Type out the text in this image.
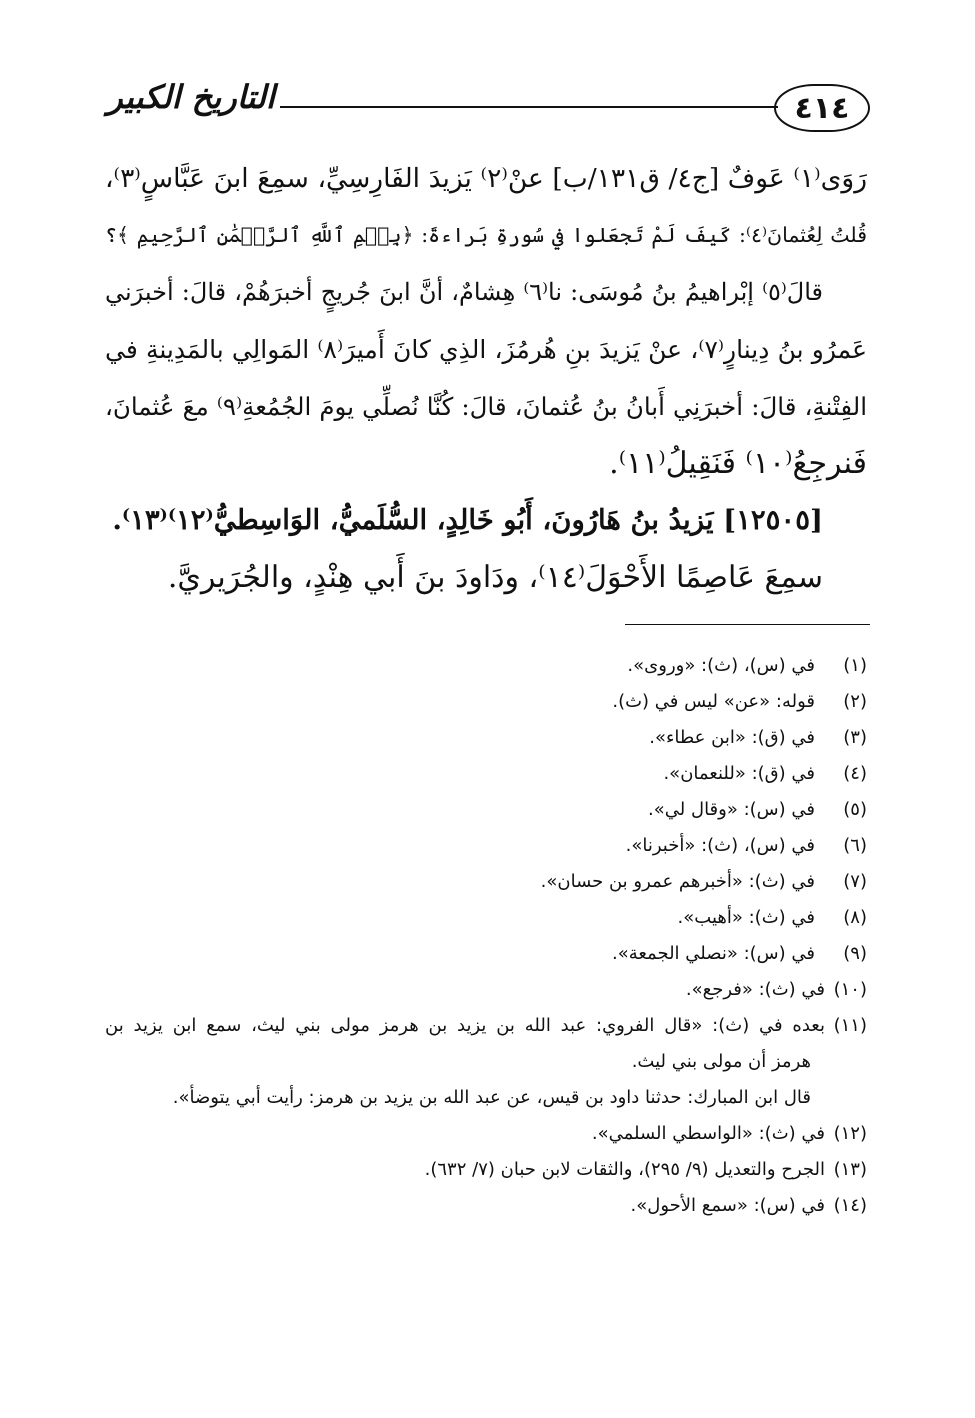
٤١٤
التاريخ الكبير
رَوَى⁽١⁾ عَوفٌ [ج٤/ ق١٣١/ب] عنْ⁽٢⁾ يَزيدَ الفَارِسِيِّ، سمِعَ ابنَ عَبَّاسٍ⁽٣⁾،
قُلتُ لِعُثمانَ⁽٤⁾: كَيفَ لَمْ تَجعَلوا في سُورةِ بَراءةَ: ﴿بِسۡمِ ٱللَّهِ ٱلرَّحۡمَٰنِ ٱلرَّحِيمِ ﴾؟
قالَ⁽٥⁾ إبْراهيمُ بنُ مُوسَى: نا⁽٦⁾ هِشامٌ، أنَّ ابنَ جُريجٍ أخبرَهُمْ، قالَ: أخبرَني
عَمرُو بنُ دِينارٍ⁽٧⁾، عنْ يَزيدَ بنِ هُرمُزَ، الذِي كانَ أَميرَ⁽٨⁾ المَوالِي بالمَدِينةِ في
الفِتْنةِ، قالَ: أخبرَنِي أَبانُ بنُ عُثمانَ، قالَ: كُنَّا نُصلِّي يومَ الجُمُعةِ⁽٩⁾ معَ عُثمانَ،
فَنرجِعُ⁽١٠⁾ فَنَقِيلُ⁽١١⁾.
[١٢٥٠٥] يَزيدُ بنُ هَارُونَ، أَبُو خَالِدٍ، السُّلَميُّ، الوَاسِطيُّ⁽١٢⁾⁽١٣⁾.
سمِعَ عَاصِمًا الأَحْوَلَ⁽١٤⁾، ودَاودَ بنَ أَبي هِنْدٍ، والجُرَيريَّ.
(١)في (س)، (ث): «وروى».
(٢)قوله: «عن» ليس في (ث).
(٣)في (ق): «ابن عطاء».
(٤)في (ق): «للنعمان».
(٥)في (س): «وقال لي».
(٦)في (س)، (ث): «أخبرنا».
(٧)في (ث): «أخبرهم عمرو بن حسان».
(٨)في (ث): «أهيب».
(٩)في (س): «نصلي الجمعة».
(١٠)في (ث): «فرجع».
(١١)بعده في (ث): «قال الفروي: عبد الله بن يزيد بن هرمز مولى بني ليث، سمع ابن يزيد بن
هرمز أن مولى بني ليث.
قال ابن المبارك: حدثنا داود بن قيس، عن عبد الله بن يزيد بن هرمز: رأيت أبي يتوضأ».
(١٢)في (ث): «الواسطي السلمي».
(١٣)الجرح والتعديل (٩/ ٢٩٥)، والثقات لابن حبان (٧/ ٦٣٢).
(١٤)في (س): «سمع الأحول».
